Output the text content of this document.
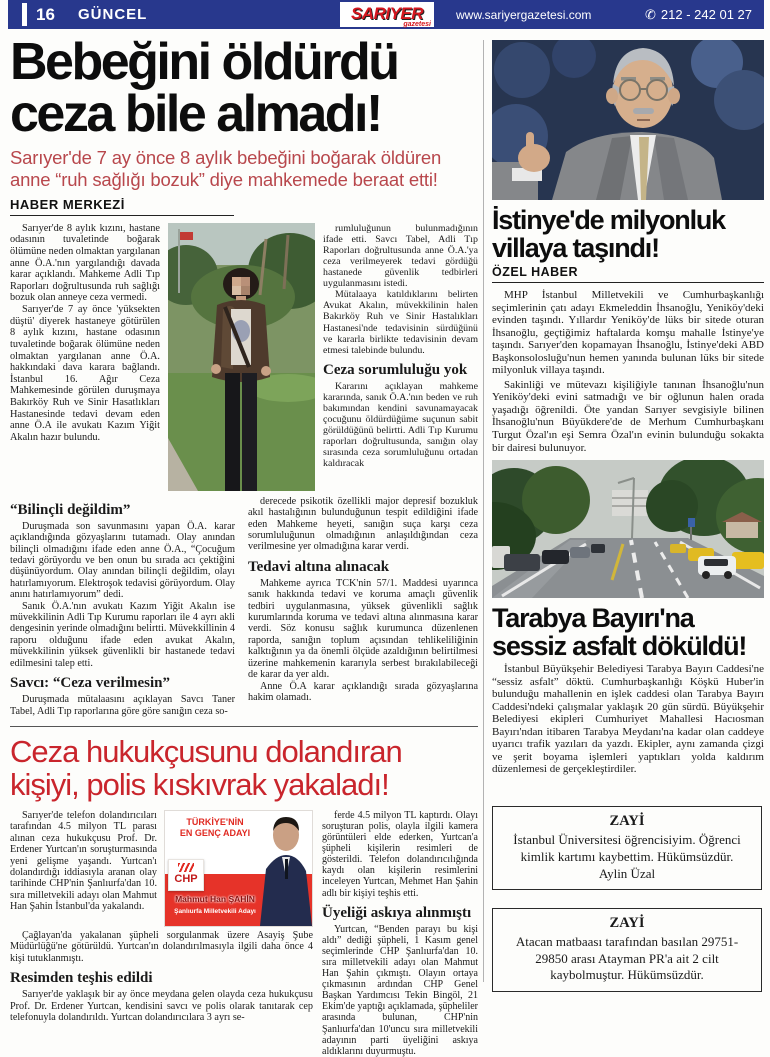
16 GÜNCEL	SARIYER
gazetesi
www.sariyergazetesi.com	✆ 212 - 242 01 27
Bebeğini öldürdü ceza bile almadı!
Sarıyer'de 7 ay önce 8 aylık bebeğini boğarak öldüren anne “ruh sağlığı bozuk” diye mahkemede beraat etti!
HABER MERKEZİ

Sarıyer'de 8 aylık kızını, hastane odasının tuvaletinde boğarak ölümüne neden olmaktan yargılanan anne Ö.A.'nın yargılandığı davada karar açıklandı. Mahkeme Adli Tıp Raporları doğrultusunda ruh sağlığı bozuk olan anneye ceza vermedi.

Sarıyer'de 7 ay önce 'yüksekten düştü' diyerek hastaneye götürülen 8 aylık kızını, hastane odasının tuvaletinde boğarak ölümüne neden olmaktan yargılanan anne Ö.A. hakkındaki dava karara bağlandı. İstanbul 16. Ağır Ceza Mahkemesinde görülen duruşmaya Bakırköy Ruh ve Sinir Hasatlıkları Hastanesinde tedavi devam eden anne Ö.A ile avukatı Kazım Yiğit Akalın hazır bulundu.

rumluluğunun bulunmadığının ifade etti. Savcı Tabel, Adli Tıp Raporları doğrultusunda anne Ö.A.'ya ceza verilmeyerek tedavi gördüğü hastanede güvenlik tedbirleri uygulanmasını istedi.

Mütalaaya katıldıklarını belirten Avukat Akalın, müvekkilinin halen Bakırköy Ruh ve Sinir Hastalıkları Hastanesi'nde tedavisinin sürdüğünü ve kararla birlikte tedavisinin devam etmesi talebinde bulundu.

Ceza sorumluluğu yok

Kararını açıklayan mahkeme kararında, sanık Ö.A.'nın beden ve ruh bakımından kendini savunamayacak çocuğunu öldürdüğüme suçunun sabit görüldüğünü belirtti. Adli Tıp Kurumu raporları doğrultusunda, sanığın olay sırasında ceza sorumluluğunu ortadan kaldıracak

“Bilinçli değildim”

Duruşmada son savunmasını yapan Ö.A. karar açıklandığında gözyaşlarını tutamadı. Olay anından bilinçli olmadığını ifade eden anne Ö.A., “Çocuğum tedavi görüyordu ve ben onun bu sırada acı çektiğini düşünüyordum. Olay anından bilinçli değildim, olayı hatırlamıyorum. Elektroşok tedavisi görüyordum. Olay anını hatırlamıyorum” dedi.

Sanık Ö.A.'nın avukatı Kazım Yiğit Akalın ise müvekkilinin Adli Tıp Kurumu raporları ile 4 ayrı akli dengesinin yerinde olmadığını belirtti. Müvekkillinin 4 raporu olduğunu ifade eden avukat Akalın, müvekkilinin yüksek güvenlikli bir hastanede tedavi edilmesini talep etti.

Savcı: “Ceza verilmesin”

Duruşmada mütalaasını açıklayan Savcı Taner Tabel, Adli Tıp raporlarına göre göre sanığın ceza so-

derecede psikotik özellikli major depresif bozukluk akıl hastalığının bulunduğunun tespit edildiğini ifade eden Mahkeme heyeti, sanığın suça karşı ceza sorumluluğunun olmadığının anlaşıldığından ceza verilmesine yer olmadığına karar verdi.

Tedavi altına alınacak

Mahkeme ayrıca TCK'nin 57/1. Maddesi uyarınca sanık hakkında tedavi ve koruma amaçlı güvenlik tedbiri uygulanmasına, yüksek güvenlikli sağlık kurumlarında koruma ve tedavi altına alınmasına karar verdi. Söz konusu sağlık kurumunca düzenlenen raporda, sanığın toplum açısından tehlikeliliğinin kalktığının ya da önemli ölçüde azaldığının belirtilmesi üzerine mahkemenin kararıyla serbest bırakılabileceği de karar da yer aldı.

Anne Ö.A karar açıklandığı sırada gözyaşlarına hakim olamadı.

Ceza hukukçusunu dolandıran kişiyi, polis kıskıvrak yakaladı!

Sarıyer'de telefon dolandırıcıları tarafından 4.5 milyon TL parası alınan ceza hukukçusu Prof. Dr. Erdener Yurtcan'ın soruşturmasında yeni gelişme yaşandı. Yurtcan'ı dolandırdığı iddiasıyla aranan olay tarihinde CHP'nin Şanlıurfa'dan 10. sıra milletvekili adayı olan Mahmut Han Şahin İstanbul'da yakalandı.

TÜRKİYE'NİN
EN GENÇ ADAYI
CHP
Mahmut Han ŞAHİN
Şanlıurfa Milletvekili Adayı

Çağlayan'da yakalanan şüpheli sorgulanmak üzere Asayiş Şube Müdürlüğü'ne götürüldü. Yurtcan'ın dolandırılmasıyla ilgili daha önce 4 kişi tutuklanmıştı.

Resimden teşhis edildi

Sarıyer'de yaklaşık bir ay önce meydana gelen olayda ceza hukukçusu Prof. Dr. Erdener Yurtcan, kendisini savcı ve polis olarak tanıtarak cep telefonuyla dolandırıldı. Yurtcan dolandırıcılara 3 ayrı se-

ferde 4.5 milyon TL kaptırdı. Olayı soruşturan polis, olayla ilgili kamera görüntüleri elde ederken, Yurtcan'a şüpheli kişilerin resimleri de gösterildi. Telefon dolandırıcılığında kaydı olan kişilerin resimlerini inceleyen Yurtcan, Mehmet Han Şahin adlı bir kişiyi teşhis etti.

Üyeliği askıya alınmıştı

Yurtcan, “Benden parayı bu kişi aldı” dediği şüpheli, 1 Kasım genel seçimlerinde CHP Şanlıurfa'dan 10. sıra milletvekili adayı olan Mahmut Han Şahin çıkmıştı. Olayın ortaya çıkmasının ardından CHP Genel Başkan Yardımcısı Tekin Bingöl, 21 Ekim'de yaptığı açıklamada, şüpheliler arasında bulunan, CHP'nin Şanlıurfa'dan 10'uncu sıra milletvekili adayının parti üyeliğini askıya aldıklarını duyurmuştu.

İstinye'de milyonluk villaya taşındı!
ÖZEL HABER

MHP İstanbul Milletvekili ve Cumhurbaşkanlığı seçimlerinin çatı adayı Ekmeleddin İhsanoğlu, Yeniköy'deki evinden taşındı. Yıllardır Yeniköy'de lüks bir sitede oturan İhsanoğlu, geçtiğimiz haftalarda komşu mahalle İstinye'ye taşındı. Sarıyer'den kopamayan İhsanoğlu, İstinye'deki ABD Başkonsolosluğu'nun hemen yanında bulunan lüks bir sitede milyonluk villaya taşındı.

Sakinliği ve mütevazı kişiliğiyle tanınan İhsanoğlu'nun Yeniköy'deki evini satmadığı ve bir oğlunun halen orada yaşadığı öğrenildi. Öte yandan Sarıyer sevgisiyle bilinen İhsanoğlu'nun Büyükdere'de de Merhum Cumhurbaşkanı Turgut Özal'ın eşi Semra Özal'ın evinin bulunduğu sokakta bir dairesi bulunuyor.

Tarabya Bayırı'na sessiz asfalt döküldü!

İstanbul Büyükşehir Belediyesi Tarabya Bayırı Caddesi'ne “sessiz asfalt” döktü. Cumhurbaşkanlığı Köşkü Huber'in bulunduğu mahallenin en işlek caddesi olan Tarabya Bayırı Caddesi'ndeki çalışmalar yaklaşık 20 gün sürdü. Büyükşehir Belediyesi ekipleri Cumhuriyet Mahallesi Hacıosman Bayırı'ndan itibaren Tarabya Meydanı'na kadar olan caddeye uyarıcı trafik yazıları da yazdı. Ekipler, aynı zamanda çizgi ve şerit boyama işlemleri yaptıkları yolda kaldırım düzenlemesi de gerçekleştirdiler.

ZAYİ
İstanbul Üniversitesi öğrencisiyim. Öğrenci kimlik kartımı kaybettim. Hükümsüzdür.
Aylin Üzal
ZAYİ
Atacan matbaası tarafından basılan 29751-29850 arası Atayman PR'a ait 2 cilt kaybolmuştur. Hükümsüzdür.
